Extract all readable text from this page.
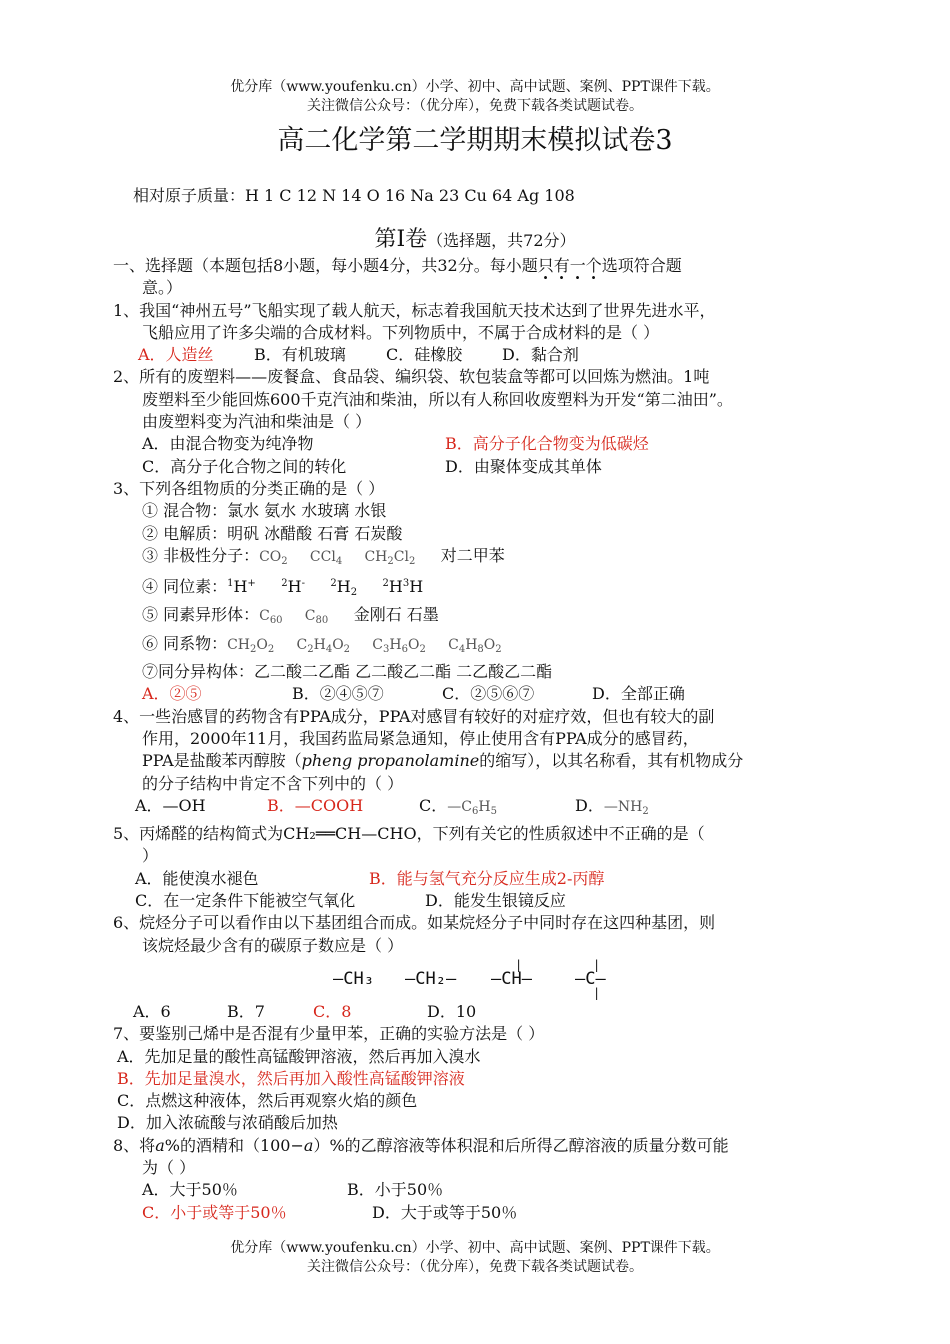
优分库（www.youfenku.cn）小学、初中、高中试题、案例、PPT课件下载。
关注微信公众号：（优分库），免费下载各类试题试卷。
高二化学第二学期期末模拟试卷3
相对原子质量：H 1 C 12 N 14 O 16 Na 23 Cu 64 Ag 108
第Ⅰ卷（选择题，共72分）
一、选择题（本题包括8小题，每小题4分，共32分。每小题只有一个选项符合题
意。）
1、我国“神州五号”飞船实现了载人航天，标志着我国航天技术达到了世界先进水平，
飞船应用了许多尖端的合成材料。下列物质中，不属于合成材料的是（ ）
A．人造丝	B．有机玻璃	C．硅橡胶 D．黏合剂
2、所有的废塑料——废餐盒、食品袋、编织袋、软包装盒等都可以回炼为燃油。1吨
废塑料至少能回炼600千克汽油和柴油，所以有人称回收废塑料为开发“第二油田”。
由废塑料变为汽油和柴油是（ ）
A．由混合物变为纯净物	B．高分子化合物变为低碳烃
C．高分子化合物之间的转化	D．由聚体变成其单体
3、下列各组物质的分类正确的是（ ）
① 混合物：氯水 氨水 水玻璃 水银
② 电解质：明矾 冰醋酸 石膏 石炭酸
③ 非极性分子：$CO_2$     CCl$_4$     $CH_2Cl_2$ 对二甲苯
④ 同位素：$^1$H+	$^2$H-	$^2H_2$     $^2H^3H$
⑤ 同素异形体：$C_{60}$     $C_{80}$ 金刚石 石墨
⑥ 同系物：$CH_2O_2$     $C_2H_4O_2$     $C_3H_6O_2$     $C_4H_8O_2$
⑦同分异构体：乙二酸二乙酯 乙二酸乙二酯 二乙酸乙二酯
A．②⑤	B．②④⑤⑦	C．②⑤⑥⑦	D．全部正确
4、一些治感冒的药物含有PPA成分，PPA对感冒有较好的对症疗效，但也有较大的副
作用，2000年11月，我国药监局紧急通知，停止使用含有PPA成分的感冒药，
PPA是盐酸苯丙醇胺（pheng propanolamine的缩写），以其名称看，其有机物成分
的分子结构中肯定不含下列中的（ ）
A．—OH	B．—COOH	C．$—C_6H_5$	D．$—NH_2$
5、丙烯醛的结构简式为CH₂══CH—CHO，下列有关它的性质叙述中不正确的是（
）
A．能使溴水褪色	B．能与氢气充分反应生成2-丙醇
C．在一定条件下能被空气氧化	D．能发生银镜反应
6、烷烃分子可以看作由以下基团组合而成。如某烷烃分子中同时存在这四种基团，则
该烷烃最少含有的碳原子数应是（ ）
—CH₃ —CH₂— —CH—
|
—C—
|
|
A．6	B．7	C．8	D．10
7、要鉴别己烯中是否混有少量甲苯，正确的实验方法是（ ）
A．先加足量的酸性高锰酸钾溶液，然后再加入溴水
B．先加足量溴水，然后再加入酸性高锰酸钾溶液
C．点燃这种液体，然后再观察火焰的颜色
D．加入浓硫酸与浓硝酸后加热
8、将a%的酒精和（100−a）%的乙醇溶液等体积混和后所得乙醇溶液的质量分数可能
为（ ）
A．大于50％	B．小于50％
C．小于或等于50％	D．大于或等于50％
优分库（www.youfenku.cn）小学、初中、高中试题、案例、PPT课件下载。
关注微信公众号：（优分库），免费下载各类试题试卷。
